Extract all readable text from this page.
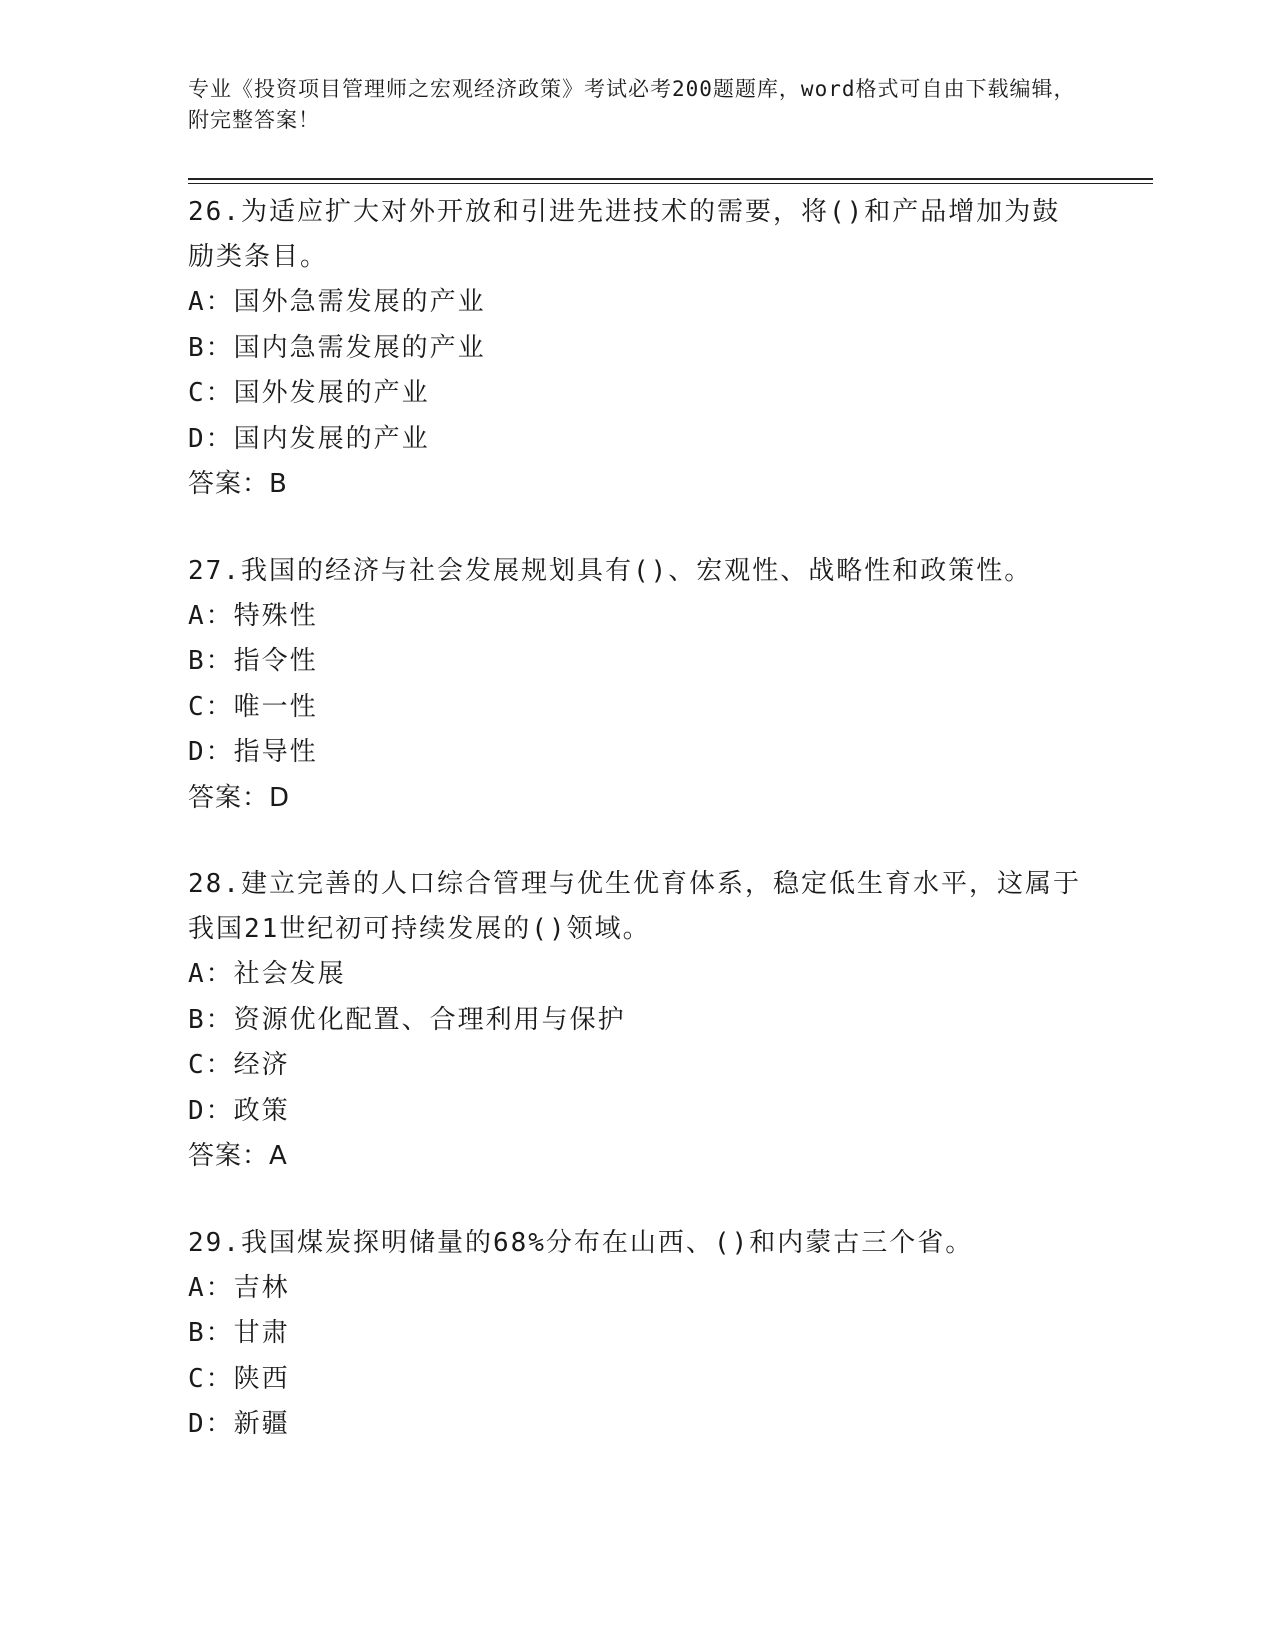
专业《投资项目管理师之宏观经济政策》考试必考200题题库，word格式可自由下载编辑，附完整答案！

26.为适应扩大对外开放和引进先进技术的需要，将()和产品增加为鼓励类条目。

A：国外急需发展的产业

B：国内急需发展的产业

C：国外发展的产业

D：国内发展的产业

答案：B

27.我国的经济与社会发展规划具有()、宏观性、战略性和政策性。

A：特殊性

B：指令性

C：唯一性

D：指导性

答案：D

28.建立完善的人口综合管理与优生优育体系，稳定低生育水平，这属于我国21世纪初可持续发展的()领域。

A：社会发展

B：资源优化配置、合理利用与保护

C：经济

D：政策

答案：A

29.我国煤炭探明储量的68%分布在山西、()和内蒙古三个省。

A：吉林

B：甘肃

C：陕西

D：新疆
